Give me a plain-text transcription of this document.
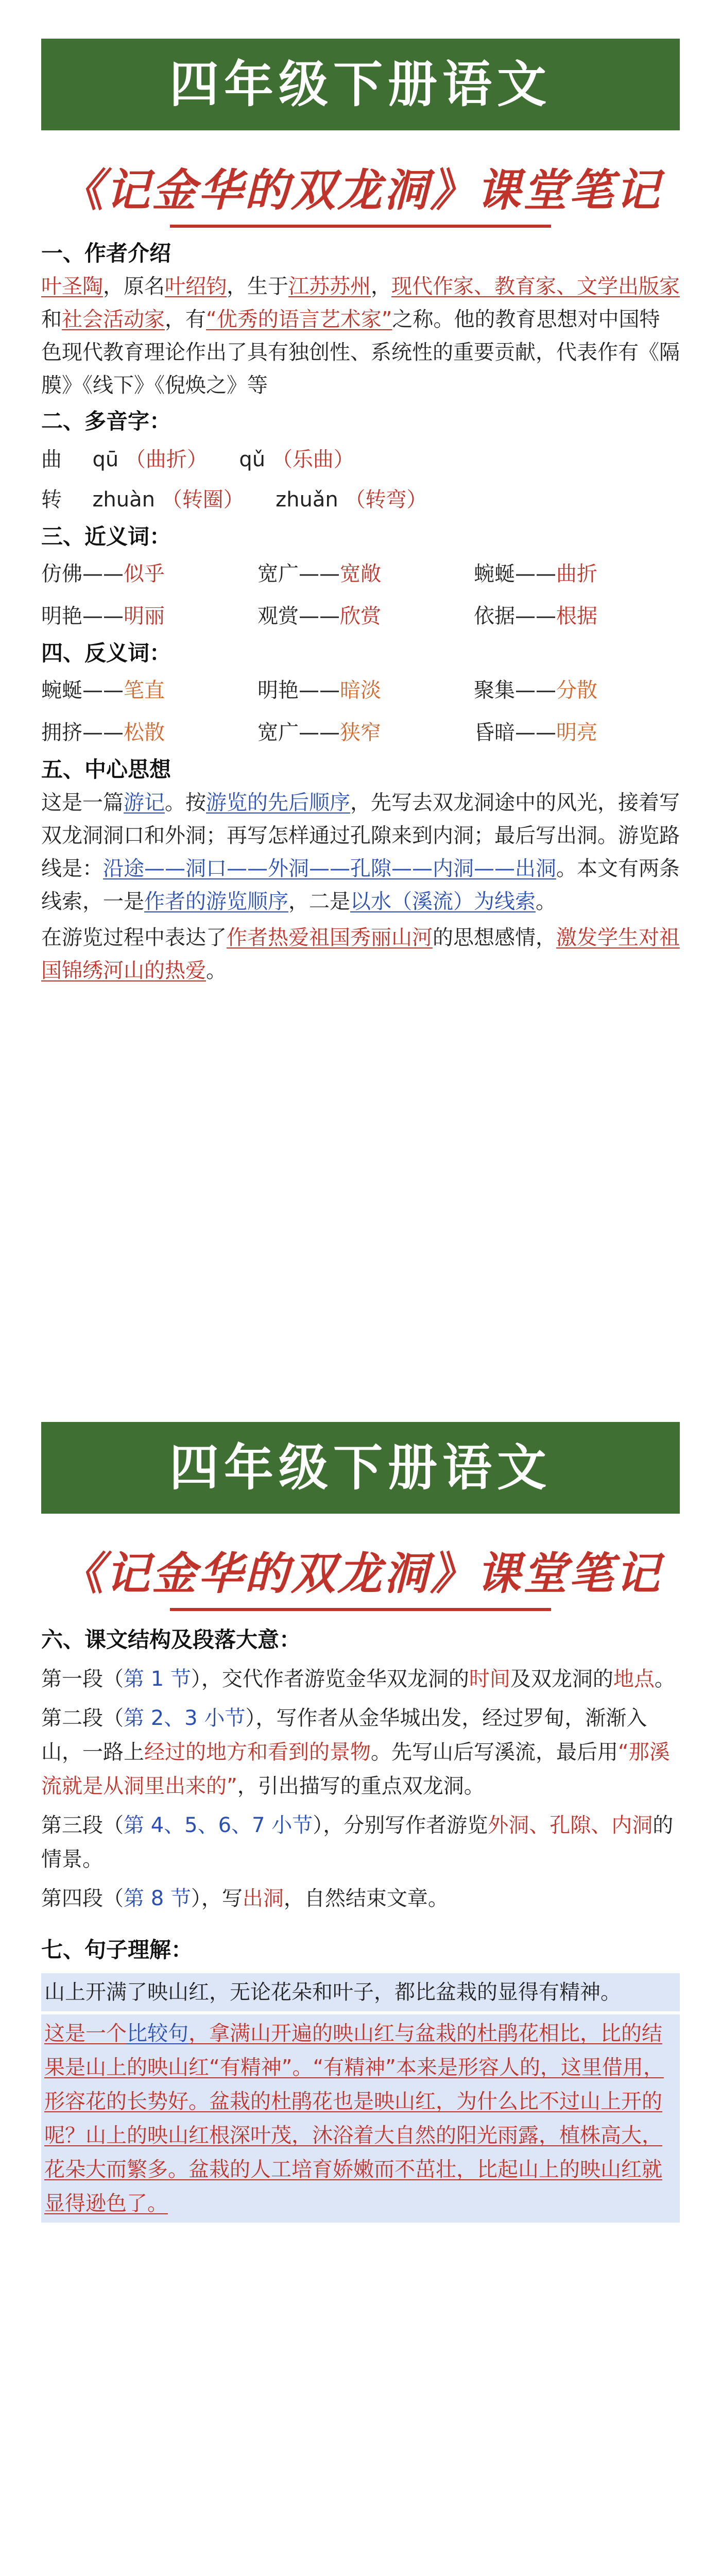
四年级下册语文
《记金华的双龙洞》课堂笔记
一、作者介绍
叶圣陶，原名叶绍钧，生于江苏苏州，现代作家、教育家、文学出版家和社会活动家，有“优秀的语言艺术家”之称。他的教育思想对中国特色现代教育理论作出了具有独创性、系统性的重要贡献，代表作有《隔膜》《线下》《倪焕之》等
二、多音字：
曲 qū （曲折） qǔ （乐曲）
转 zhuàn （转圈） zhuǎn （转弯）
三、近义词：
仿佛——似乎	宽广——宽敞	蜿蜒——曲折
明艳——明丽	观赏——欣赏	依据——根据
四、反义词：
蜿蜒——笔直	明艳——暗淡	聚集——分散
拥挤——松散	宽广——狭窄	昏暗——明亮
五、中心思想
这是一篇游记。按游览的先后顺序，先写去双龙洞途中的风光，接着写双龙洞洞口和外洞；再写怎样通过孔隙来到内洞；最后写出洞。游览路线是：沿途——洞口——外洞——孔隙——内洞——出洞。本文有两条线索，一是作者的游览顺序，二是以水（溪流）为线索。
在游览过程中表达了作者热爱祖国秀丽山河的思想感情，激发学生对祖国锦绣河山的热爱。
四年级下册语文
《记金华的双龙洞》课堂笔记
六、课文结构及段落大意：
第一段（第 1 节），交代作者游览金华双龙洞的时间及双龙洞的地点。
第二段（第 2、3 小节），写作者从金华城出发，经过罗甸，渐渐入山，一路上经过的地方和看到的景物。先写山后写溪流，最后用“那溪流就是从洞里出来的”，引出描写的重点双龙洞。
第三段（第 4、5、6、7 小节），分别写作者游览外洞、孔隙、内洞的情景。
第四段（第 8 节），写出洞，自然结束文章。
七、句子理解：
山上开满了映山红，无论花朵和叶子，都比盆栽的显得有精神。
这是一个比较句，拿满山开遍的映山红与盆栽的杜鹃花相比，比的结果是山上的映山红“有精神”。“有精神”本来是形容人的，这里借用，形容花的长势好。盆栽的杜鹃花也是映山红，为什么比不过山上开的呢？山上的映山红根深叶茂，沐浴着大自然的阳光雨露，植株高大，花朵大而繁多。盆栽的人工培育娇嫩而不茁壮，比起山上的映山红就显得逊色了。
